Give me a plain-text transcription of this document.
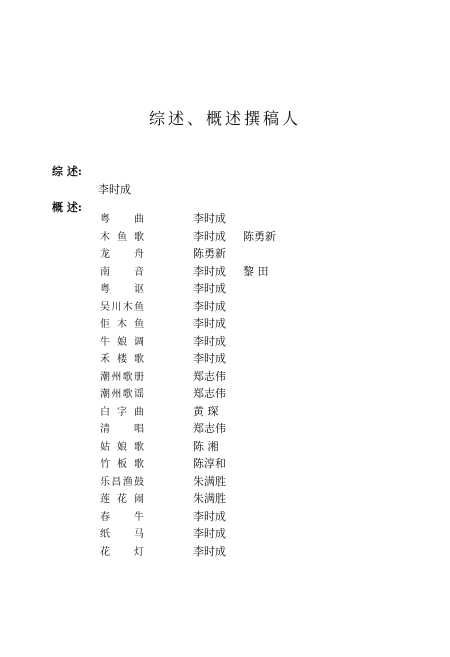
综述、概述撰稿人
综 述:
李时成
概 述:
粤曲	李时成
木鱼歌	李时成 陈勇新
龙舟	陈勇新
南音	李时成 黎 田
粤讴	李时成
吴川木鱼	李时成
佢木鱼	李时成
牛娘调	李时成
禾楼歌	李时成
潮州歌册	郑志伟
潮州歌谣	郑志伟
白字曲	黄 琛
清唱	郑志伟
姑娘歌	陈 湘
竹板歌	陈淳和
乐昌渔鼓	朱满胜
莲花闹	朱满胜
春牛	李时成
纸马	李时成
花灯	李时成
